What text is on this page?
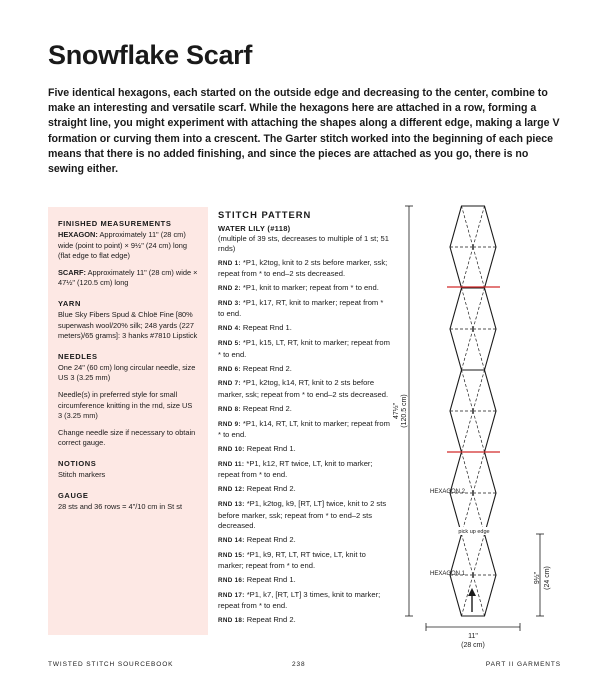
Snowflake Scarf

Five identical hexagons, each started on the outside edge and decreasing to the center, combine to make an interesting and versatile scarf. While the hexagons here are attached in a row, forming a straight line, you might experiment with attaching the shapes along a different edge, making a large V formation or curving them into a crescent. The Garter stitch worked into the beginning of each piece means that there is no added finishing, and since the pieces are attached as you go, there is no sewing either.

FINISHED MEASUREMENTS

HEXAGON: Approximately 11" (28 cm) wide (point to point) × 9½" (24 cm) long (flat edge to flat edge)

SCARF: Approximately 11" (28 cm) wide × 47½" (120.5 cm) long

YARN

Blue Sky Fibers Spud & Chloë Fine [80% superwash wool/20% silk; 248 yards (227 meters)/65 grams]: 3 hanks #7810 Lipstick

NEEDLES

One 24" (60 cm) long circular needle, size US 3 (3.25 mm)

Needle(s) in preferred style for small circumference knitting in the rnd, size US 3 (3.25 mm)

Change needle size if necessary to obtain correct gauge.

NOTIONS

Stitch markers

GAUGE

28 sts and 36 rows = 4"/10 cm in St st

STITCH PATTERN

WATER LILY (#118)

(multiple of 39 sts, decreases to multiple of 1 st; 51 rnds)

RND 1: *P1, k2tog, knit to 2 sts before marker, ssk; repeat from * to end–2 sts decreased.

RND 2: *P1, knit to marker; repeat from * to end.

RND 3: *P1, k17, RT, knit to marker; repeat from * to end.

RND 4: Repeat Rnd 1.

RND 5: *P1, k15, LT, RT, knit to marker; repeat from * to end.

RND 6: Repeat Rnd 2.

RND 7: *P1, k2tog, k14, RT, knit to 2 sts before marker, ssk; repeat from * to end–2 sts decreased.

RND 8: Repeat Rnd 2.

RND 9: *P1, k14, RT, LT, knit to marker; repeat from * to end.

RND 10: Repeat Rnd 1.

RND 11: *P1, k12, RT twice, LT, knit to marker; repeat from * to end.

RND 12: Repeat Rnd 2.

RND 13: *P1, k2tog, k9, [RT, LT] twice, knit to 2 sts before marker, ssk; repeat from * to end–2 sts decreased.

RND 14: Repeat Rnd 2.

RND 15: *P1, k9, RT, LT, RT twice, LT, knit to marker; repeat from * to end.

RND 16: Repeat Rnd 1.

RND 17: *P1, k7, [RT, LT] 3 times, knit to marker; repeat from * to end.

RND 18: Repeat Rnd 2.

47½" (120.5 cm)
9½" (24 cm)
11"
(28 cm)
HEXAGON 2
HEXAGON 1
pick up edge
TWISTED STITCH SOURCEBOOK	238	PART II GARMENTS
